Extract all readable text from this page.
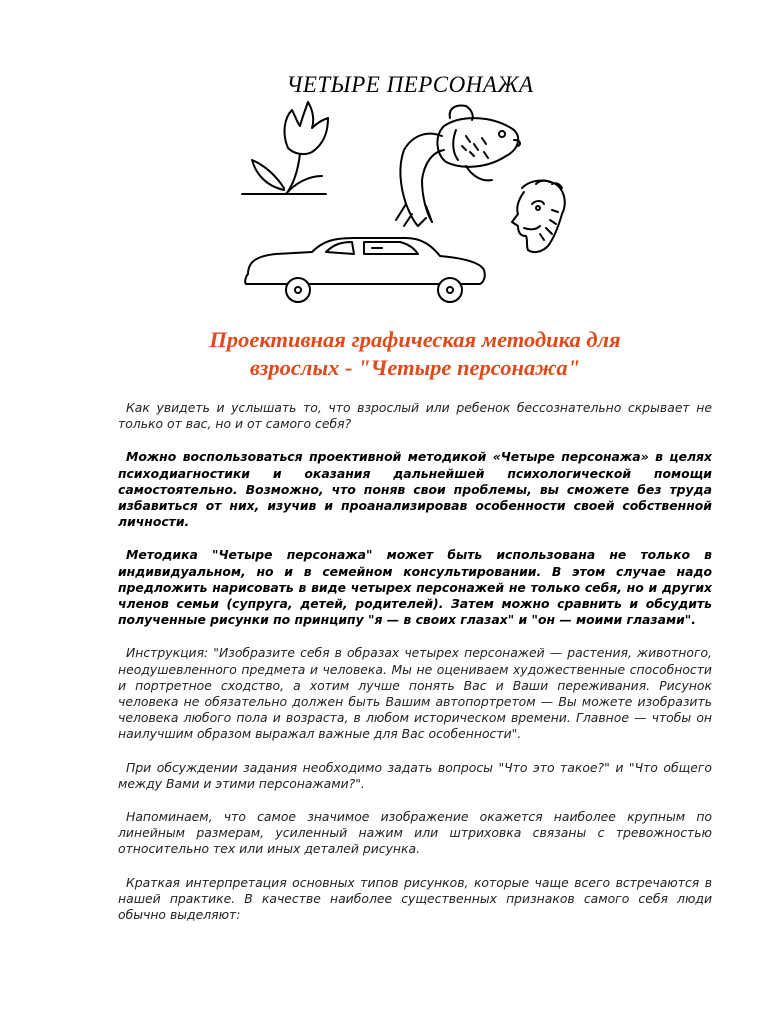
ЧЕТЫРЕ ПЕРСОНАЖА
Проективная графическая методика для
взрослых - "Четыре персонажа"

Как увидеть и услышать то, что взрослый или ребенок бессознательно скрывает не только от вас, но и от самого себя?

Можно воспользоваться проективной методикой «Четыре персонажа» в целях психодиагностики и оказания дальнейшей психологической помощи самостоятельно. Возможно, что поняв свои проблемы, вы сможете без труда избавиться от них, изучив и проанализировав особенности своей собственной личности.

Методика "Четыре персонажа" может быть использована не только в индивидуальном, но и в семейном консультировании. В этом случае надо предложить нарисовать в виде четырех персонажей не только себя, но и других членов семьи (супруга, детей, родителей). Затем можно сравнить и обсудить полученные рисунки по принципу "я — в своих глазах" и "он — моими глазами".

Инструкция: "Изобразите себя в образах четырех персонажей — растения, животного, неодушевленного предмета и человека. Мы не оцениваем художественные способности и портретное сходство, а хотим лучше понять Вас и Ваши переживания. Рисунок человека не обязательно должен быть Вашим автопортретом — Вы можете изобразить человека любого пола и возраста, в любом историческом времени. Главное — чтобы он наилучшим образом выражал важные для Вас особенности".

При обсуждении задания необходимо задать вопросы "Что это такое?" и "Что общего между Вами и этими персонажами?".

Напоминаем, что самое значимое изображение окажется наиболее крупным по линейным размерам, усиленный нажим или штриховка связаны с тревожностью относительно тех или иных деталей рисунка.

Краткая интерпретация основных типов рисунков, которые чаще всего встречаются в нашей практике. В качестве наиболее существенных признаков самого себя люди обычно выделяют:
